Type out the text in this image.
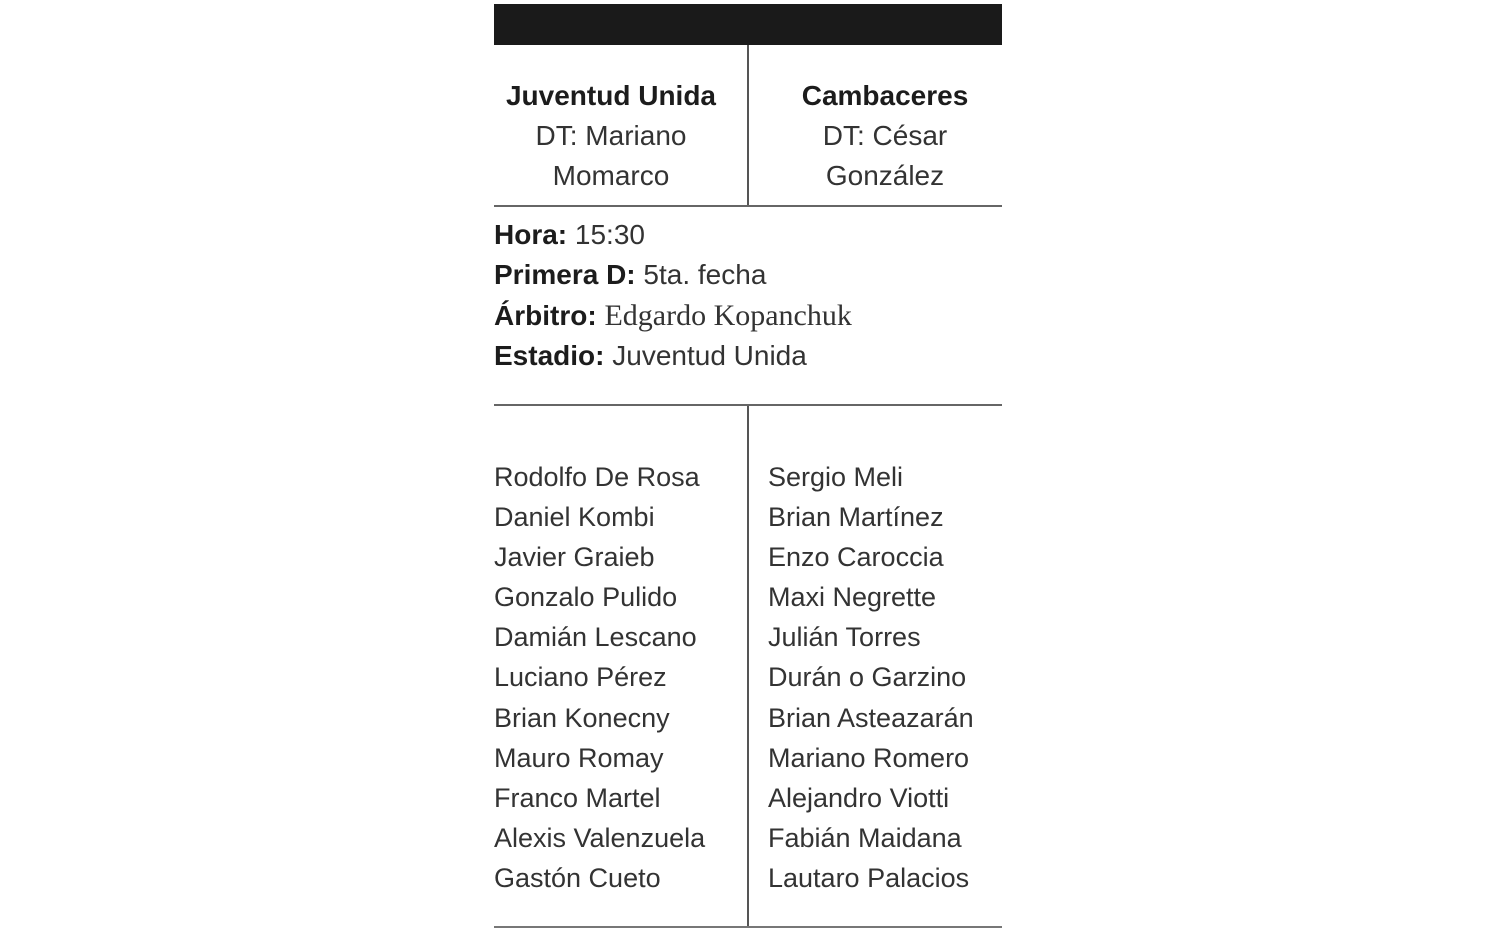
Juventud Unida
DT: Mariano
Momarco
Cambaceres
DT: César
González
Hora: 15:30
Primera D: 5ta. fecha
Árbitro: Edgardo Kopanchuk
Estadio: Juventud Unida
Rodolfo De Rosa
Daniel Kombi
Javier Graieb
Gonzalo Pulido
Damián Lescano
Luciano Pérez
Brian Konecny
Mauro Romay
Franco Martel
Alexis Valenzuela
Gastón Cueto
Sergio Meli
Brian Martínez
Enzo Caroccia
Maxi Negrette
Julián Torres
Durán o Garzino
Brian Asteazarán
Mariano Romero
Alejandro Viotti
Fabián Maidana
Lautaro Palacios
